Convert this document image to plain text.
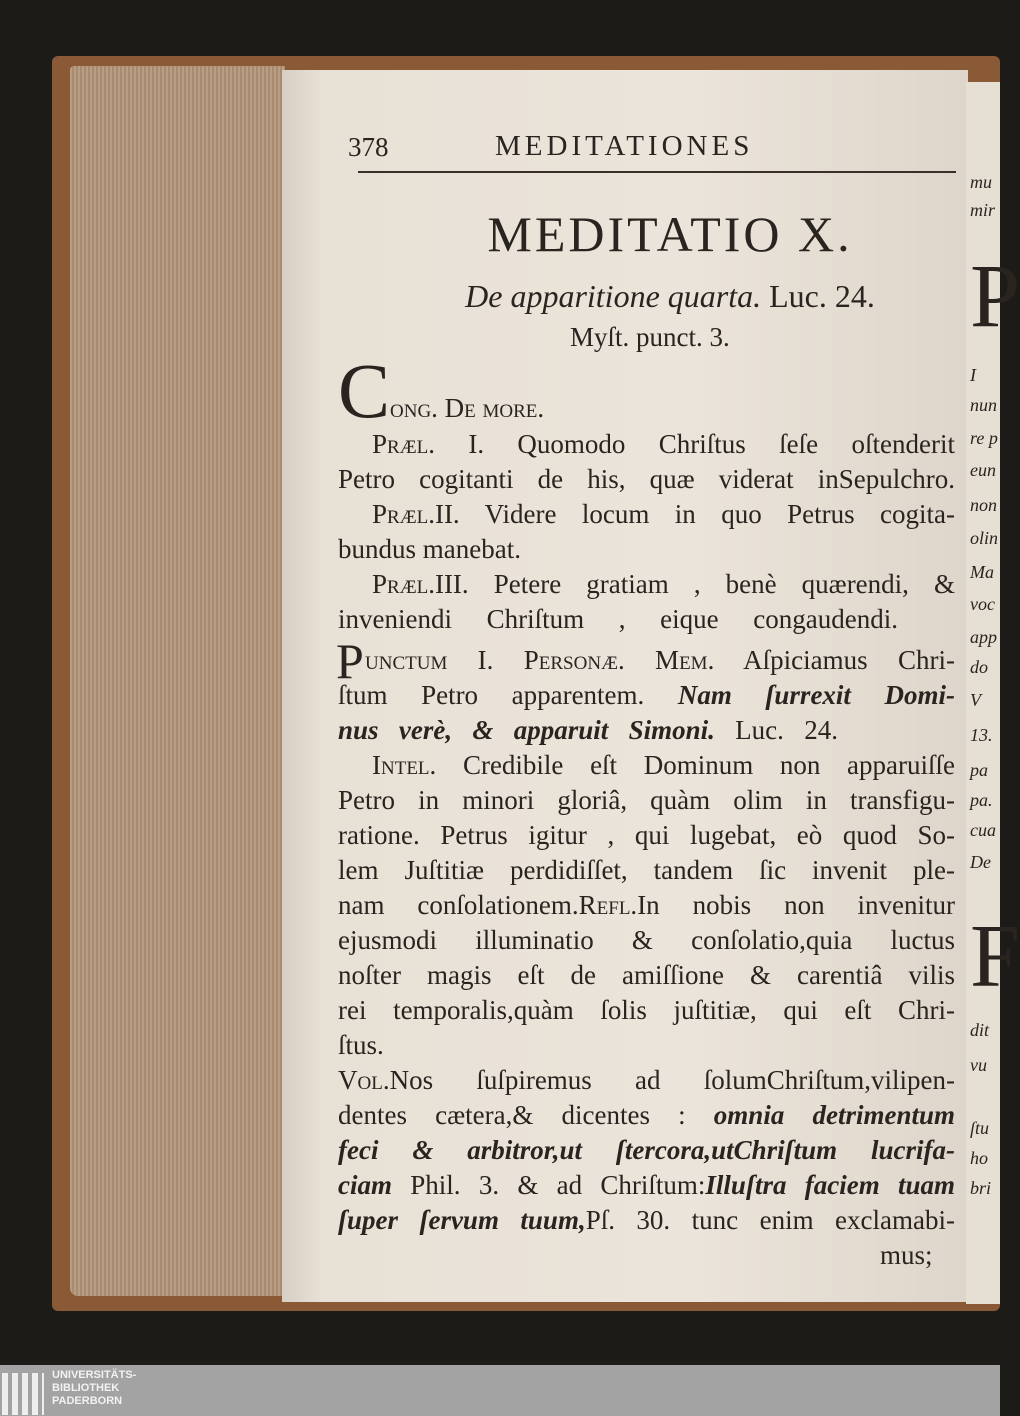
mu
mir
P
I
nun
re p
eun
non
olin
Ma
voc
app
do
V
13.
pa
pa.
cua
De
F
dit
vu
ſtu
ho
bri
378	MEDITATIONES
MEDITATIO X.
De apparitione quarta. Luc. 24.
Myſt. punct. 3.
C ong. De more.
Præl. I. Quomodo Chriſtus ſeſe oſtenderit
Petro cogitanti de his, quæ viderat inSepulchro.
Præl.II. Videre locum in quo Petrus cogita-
bundus manebat.
Præl.III. Petere gratiam , benè quærendi, &
inveniendi Chriſtum , eique congaudendi.
P unctum I. Personæ. Mem. Aſpiciamus Chri-
ſtum Petro apparentem. Nam ſurrexit Domi-
nus verè, & apparuit Simoni. Luc. 24.
Intel. Credibile eſt Dominum non apparuiſſe
Petro in minori gloriâ, quàm olim in transfigu-
ratione. Petrus igitur , qui lugebat, eò quod So-
lem Juſtitiæ perdidiſſet, tandem ſic invenit ple-
nam conſolationem.Refl.In nobis non invenitur
ejusmodi illuminatio & conſolatio,quia luctus
noſter magis eſt de amiſſione & carentiâ vilis
rei temporalis,quàm ſolis juſtitiæ, qui eſt Chri-
ſtus.
Vol.Nos ſuſpiremus ad ſolumChriſtum,vilipen-
dentes cætera,& dicentes : omnia detrimentum
feci & arbitror,ut ſtercora,utChriſtum lucrifa-
ciam Phil. 3. & ad Chriſtum:Illuſtra faciem tuam
ſuper ſervum tuum,Pſ. 30. tunc enim exclamabi-
mus;
UNIVERSITÄTS- BIBLIOTHEK PADERBORN
